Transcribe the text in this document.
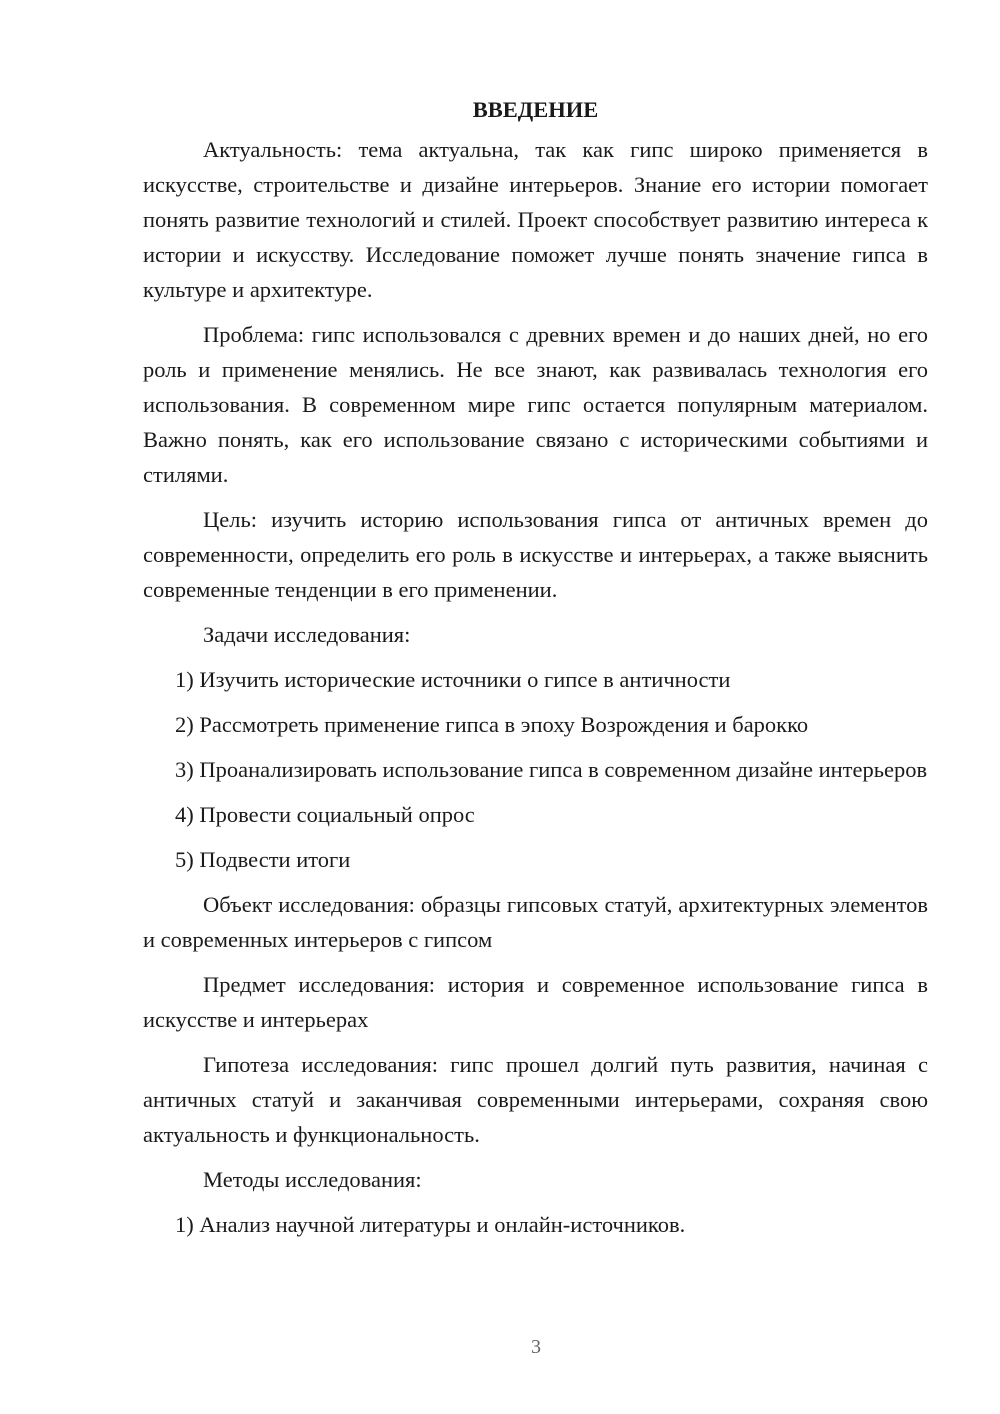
ВВЕДЕНИЕ

Актуальность: тема актуальна, так как гипс широко применяется в искусстве, строительстве и дизайне интерьеров. Знание его истории помогает понять развитие технологий и стилей. Проект способствует развитию интереса к истории и искусству. Исследование поможет лучше понять значение гипса в культуре и архитектуре.

Проблема: гипс использовался с древних времен и до наших дней, но его роль и применение менялись. Не все знают, как развивалась технология его использования. В современном мире гипс остается популярным материалом. Важно понять, как его использование связано с историческими событиями и стилями.

Цель: изучить историю использования гипса от античных времен до современности, определить его роль в искусстве и интерьерах, а также выяснить современные тенденции в его применении.

Задачи исследования:

1) Изучить исторические источники о гипсе в античности

2) Рассмотреть применение гипса в эпоху Возрождения и барокко

3) Проанализировать использование гипса в современном дизайне интерьеров

4) Провести социальный опрос

5) Подвести итоги

Объект исследования: образцы гипсовых статуй, архитектурных элементов и современных интерьеров с гипсом

Предмет исследования: история и современное использование гипса в искусстве и интерьерах

Гипотеза исследования: гипс прошел долгий путь развития, начиная с античных статуй и заканчивая современными интерьерами, сохраняя свою актуальность и функциональность.

Методы исследования:

1) Анализ научной литературы и онлайн-источников.

3
